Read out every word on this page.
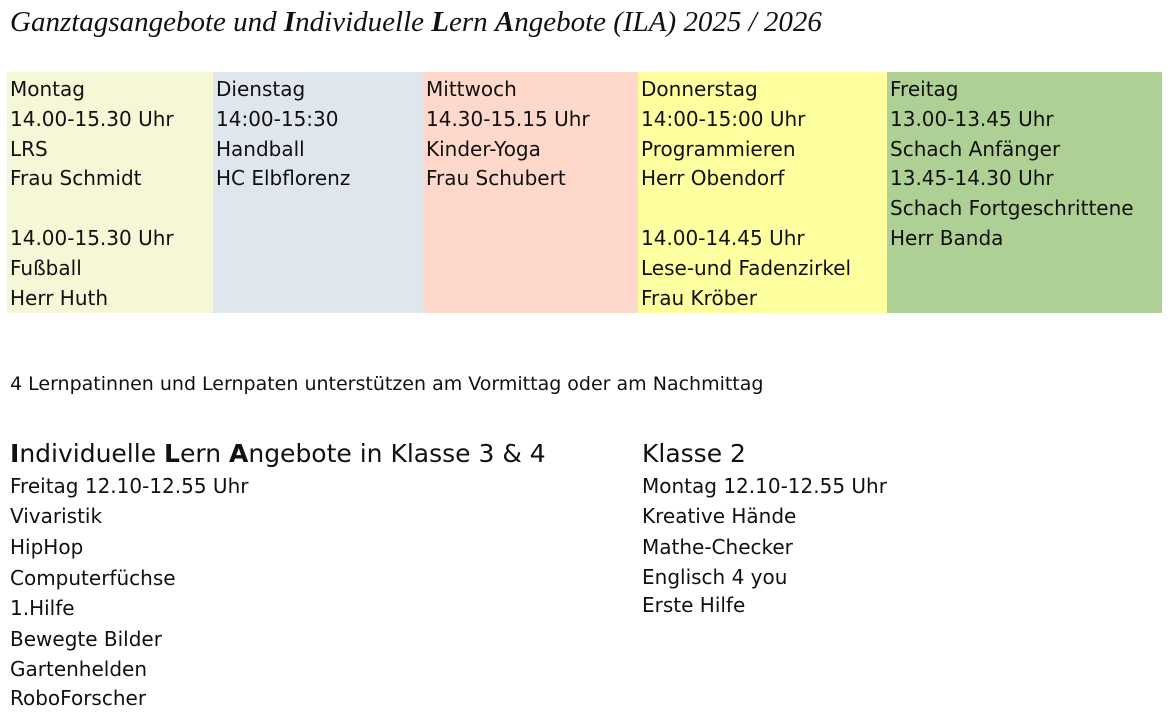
Ganztagsangebote und Individuelle Lern Angebote (ILA) 2025 / 2026
Montag
14.00-15.30 Uhr
LRS
Frau Schmidt
14.00-15.30 Uhr
Fußball
Herr Huth
Dienstag
14:00-15:30
Handball
HC Elbflorenz
Mittwoch
14.30-15.15 Uhr
Kinder-Yoga
Frau Schubert
Donnerstag
14:00-15:00 Uhr
Programmieren
Herr Obendorf
14.00-14.45 Uhr
Lese-und Fadenzirkel
Frau Kröber
Freitag
13.00-13.45 Uhr
Schach Anfänger
13.45-14.30 Uhr
Schach Fortgeschrittene
Herr Banda
4 Lernpatinnen und Lernpaten unterstützen am Vormittag oder am Nachmittag
Individuelle Lern Angebote in Klasse 3 & 4
Freitag 12.10-12.55 Uhr
Vivaristik
HipHop
Computerfüchse
1.Hilfe
Bewegte Bilder
Gartenhelden
RoboForscher
Klasse 2
Montag 12.10-12.55 Uhr
Kreative Hände
Mathe-Checker
Englisch 4 you
Erste Hilfe
